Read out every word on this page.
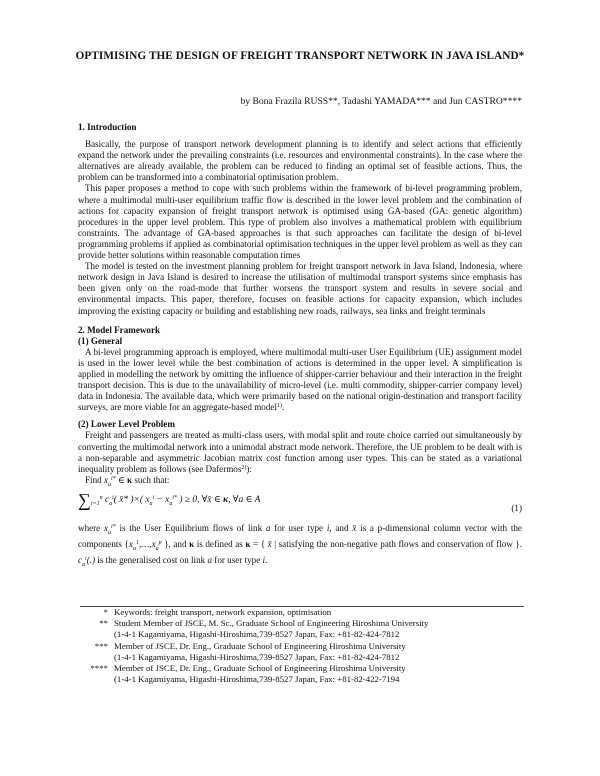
OPTIMISING THE DESIGN OF FREIGHT TRANSPORT NETWORK IN JAVA ISLAND*
by Bona Frazila RUSS**, Tadashi YAMADA*** and Jun CASTRO****

1. Introduction

Basically, the purpose of transport network development planning is to identify and select actions that efficiently expand the network under the prevailing constraints (i.e. resources and environmental constraints). In the case where the alternatives are already available, the problem can be reduced to finding an optimal set of feasible actions. Thus, the problem can be transformed into a combinatorial optimisation problem.

This paper proposes a method to cope with such problems within the framework of bi-level programming problem, where a multimodal multi-user equilibrium traffic flow is described in the lower level problem and the combination of actions for capacity expansion of freight transport network is optimised using GA-based (GA: genetic algorithm) procedures in the upper level problem. This type of problem also involves a mathematical problem with equilibrium constraints. The advantage of GA-based approaches is that such approaches can facilitate the design of bi-level programming problems if applied as combinatorial optimisation techniques in the upper level problem as well as they can provide better solutions within reasonable computation times

The model is tested on the investment planning problem for freight transport network in Java Island, Indonesia, where network design in Java Island is desired to increase the utilisation of multimodal transport systems since emphasis has been given only on the road-mode that further worsens the transport system and results in severe social and environmental impacts. This paper, therefore, focuses on feasible actions for capacity expansion, which includes improving the existing capacity or building and establishing new roads, railways, sea links and freight terminals

2. Model Framework

(1) General

A bi-level programming approach is employed, where multimodal multi-user User Equilibrium (UE) assignment model is used in the lower level while the best combination of actions is determined in the upper level. A simplification is applied in modelling the network by omitting the influence of shipper-carrier behaviour and their interaction in the freight transport decision. This is due to the unavailability of micro-level (i.e. multi commodity, shipper-carrier company level) data in Indonesia. The available data, which were primarily based on the national origin-destination and transport facility surveys, are more viable for an aggregate-based model$^{1)}$.

(2) Lower Level Problem

Freight and passengers are treated as multi-class users, with modal split and route choice carried out simultaneously by converting the multimodal network into a unimodal abstract mode network. Therefore, the UE problem to be dealt with is a non-separable and asymmetric Jacobian matrix cost function among user types. This can be stated as a variational inequality problem as follows (see Dafermos$^{2)}$):

Find $x_a^{i*}$ ∈ κ such that:

$\sum_{i=1}^n$ $c_a^i$( x̄* )×( $x_a^i - x_a^{i*}$ ) ≥ 0, ∀x̄ ∈ κ, ∀a ∈ A
(1)

where $x_a^{i*}$ is the User Equilibrium flows of link a for user type i, and x̄ is a p-dimensional column vector with the components {$x_a^1,\dots,x_a^p$ }, and κ is defined as κ = { x̄ | satisfying the non-negative path flows and conservation of flow }. $c_a^i(.)$ is the generalised cost on link a for user type i.

* Keywords: freight transport, network expansion, optimisation
** Student Member of JSCE, M. Sc., Graduate School of Engineering Hiroshima University
(1-4-1 Kagamiyama, Higashi-Hiroshima,739-8527 Japan, Fax: +81-82-424-7812
*** Member of JSCE, Dr. Eng., Graduate School of Engineering Hiroshima University
(1-4-1 Kagamiyama, Higashi-Hiroshima,739-8527 Japan, Fax: +81-82-424-7812
**** Member of JSCE, Dr. Eng., Graduate School of Engineering Hiroshima University
(1-4-1 Kagamiyama, Higashi-Hiroshima,739-8527 Japan, Fax: +81-82-422-7194
